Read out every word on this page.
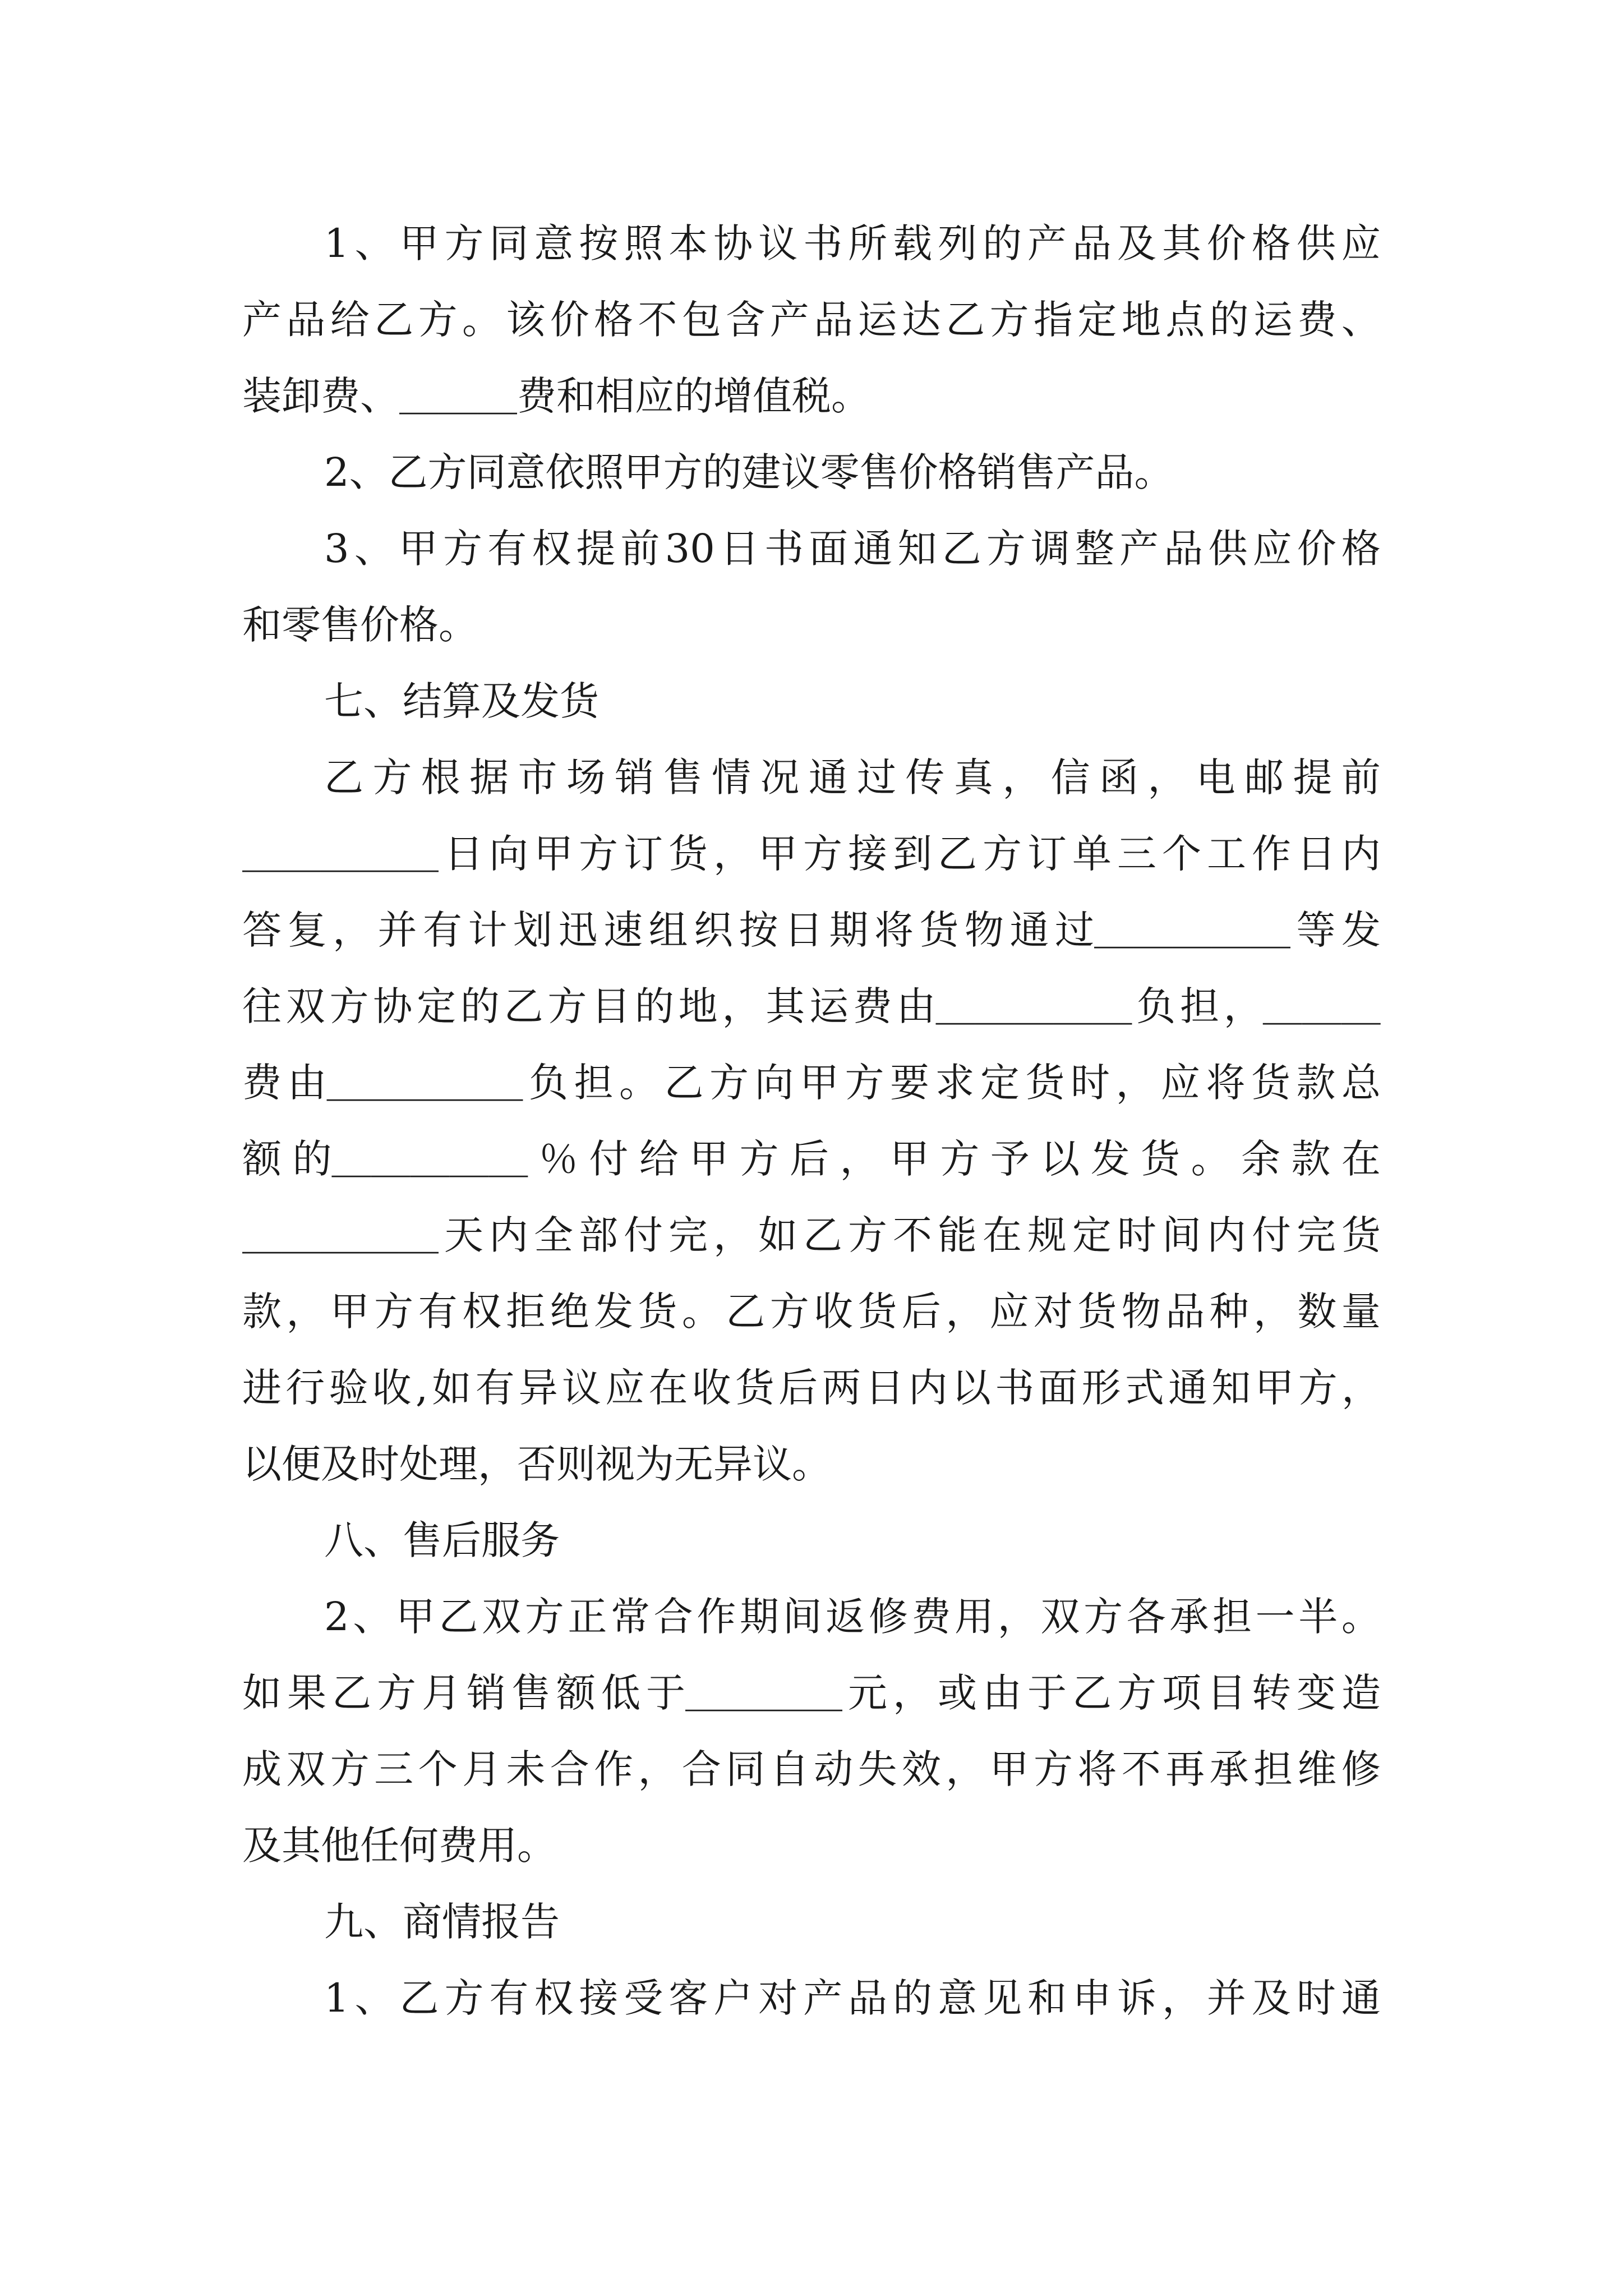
1 、 甲 方 同 意 按 照 本 协 议 书 所 载 列 的 产 品 及 其 价 格 供 应
产 品 给 乙 方 。 该 价 格 不 包 含 产 品 运 达 乙 方 指 定 地 点 的 运 费 、
装卸费、＿＿＿费和相应的增值税。
2、乙方同意依照甲方的建议零售价格销售产品。
3 、 甲 方 有 权 提 前 30 日 书 面 通 知 乙 方 调 整 产 品 供 应 价 格
和零售价格。
七、结算及发货
乙 方 根 据 市 场 销 售 情 况 通 过 传 真 ， 信 函 ， 电 邮 提 前
＿＿＿＿＿ 日 向 甲 方 订 货 ， 甲 方 接 到 乙 方 订 单 三 个 工 作 日 内
答 复 ， 并 有 计 划 迅 速 组 织 按 日 期 将 货 物 通 过＿＿＿＿＿ 等 发
往 双 方 协 定 的 乙 方 目 的 地 ， 其 运 费 由＿＿＿＿＿ 负 担 ，＿＿＿
费 由＿＿＿＿＿ 负 担 。 乙 方 向 甲 方 要 求 定 货 时 ， 应 将 货 款 总
额 的＿＿＿＿＿ ％ 付 给 甲 方 后 ， 甲 方 予 以 发 货 。 余 款 在
＿＿＿＿＿ 天 内 全 部 付 完 ， 如 乙 方 不 能 在 规 定 时 间 内 付 完 货
款 ， 甲 方 有 权 拒 绝 发 货 。 乙 方 收 货 后 ， 应 对 货 物 品 种 ， 数 量
进 行 验 收 , 如 有 异 议 应 在 收 货 后 两 日 内 以 书 面 形 式 通 知 甲 方 ，
以便及时处理，否则视为无异议。
八、售后服务
2 、 甲 乙 双 方 正 常 合 作 期 间 返 修 费 用 ， 双 方 各 承 担 一 半 。
如 果 乙 方 月 销 售 额 低 于＿＿＿＿ 元 ， 或 由 于 乙 方 项 目 转 变 造
成 双 方 三 个 月 未 合 作 ， 合 同 自 动 失 效 ， 甲 方 将 不 再 承 担 维 修
及其他任何费用。
九、商情报告
1 、 乙 方 有 权 接 受 客 户 对 产 品 的 意 见 和 申 诉 ， 并 及 时 通
